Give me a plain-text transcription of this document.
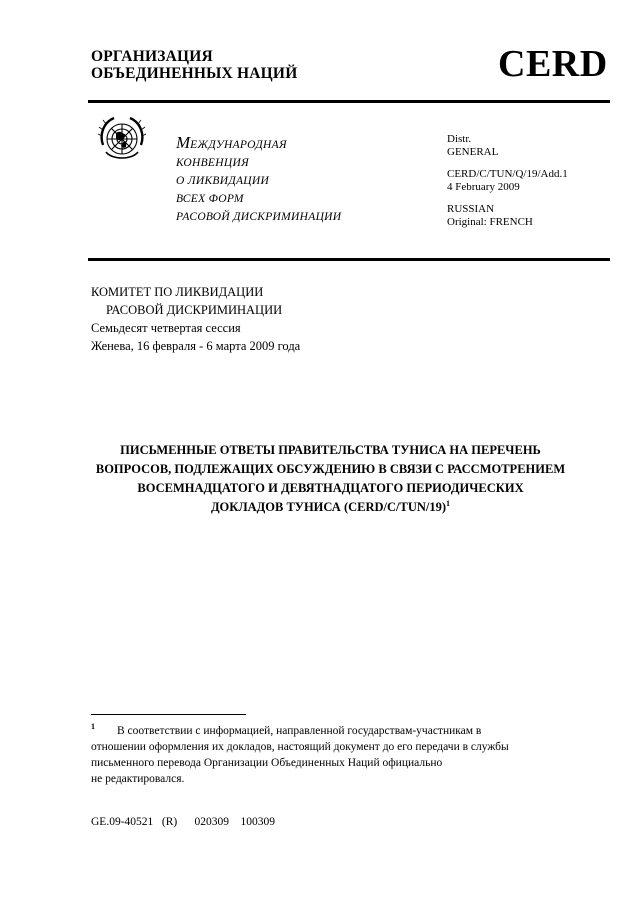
ОРГАНИЗАЦИЯ
ОБЪЕДИНЕННЫХ НАЦИЙ	CERD
МЕЖДУНАРОДНАЯ
КОНВЕНЦИЯ
О ЛИКВИДАЦИИ
ВСЕХ ФОРМ
РАСОВОЙ ДИСКРИМИНАЦИИ
Distr.
GENERAL
CERD/C/TUN/Q/19/Add.1
4 February 2009
RUSSIAN
Original: FRENCH
КОМИТЕТ ПО ЛИКВИДАЦИИ
РАСОВОЙ ДИСКРИМИНАЦИИ
Семьдесят четвертая сессия
Женева, 16 февраля - 6 марта 2009 года
ПИСЬМЕННЫЕ ОТВЕТЫ ПРАВИТЕЛЬСТВА ТУНИСА НА ПЕРЕЧЕНЬ
ВОПРОСОВ, ПОДЛЕЖАЩИХ ОБСУЖДЕНИЮ В СВЯЗИ С РАССМОТРЕНИЕМ
ВОСЕМНАДЦАТОГО И ДЕВЯТНАДЦАТОГО ПЕРИОДИЧЕСКИХ
ДОКЛАДОВ ТУНИСА (CERD/C/TUN/19)$^1$
$^1$ В соответствии с информацией, направленной государствам-участникам в
отношении оформления их докладов, настоящий документ до его передачи в службы
письменного перевода Организации Объединенных Наций официально
не редактировался.
GE.09-40521 (R) 020309 100309
